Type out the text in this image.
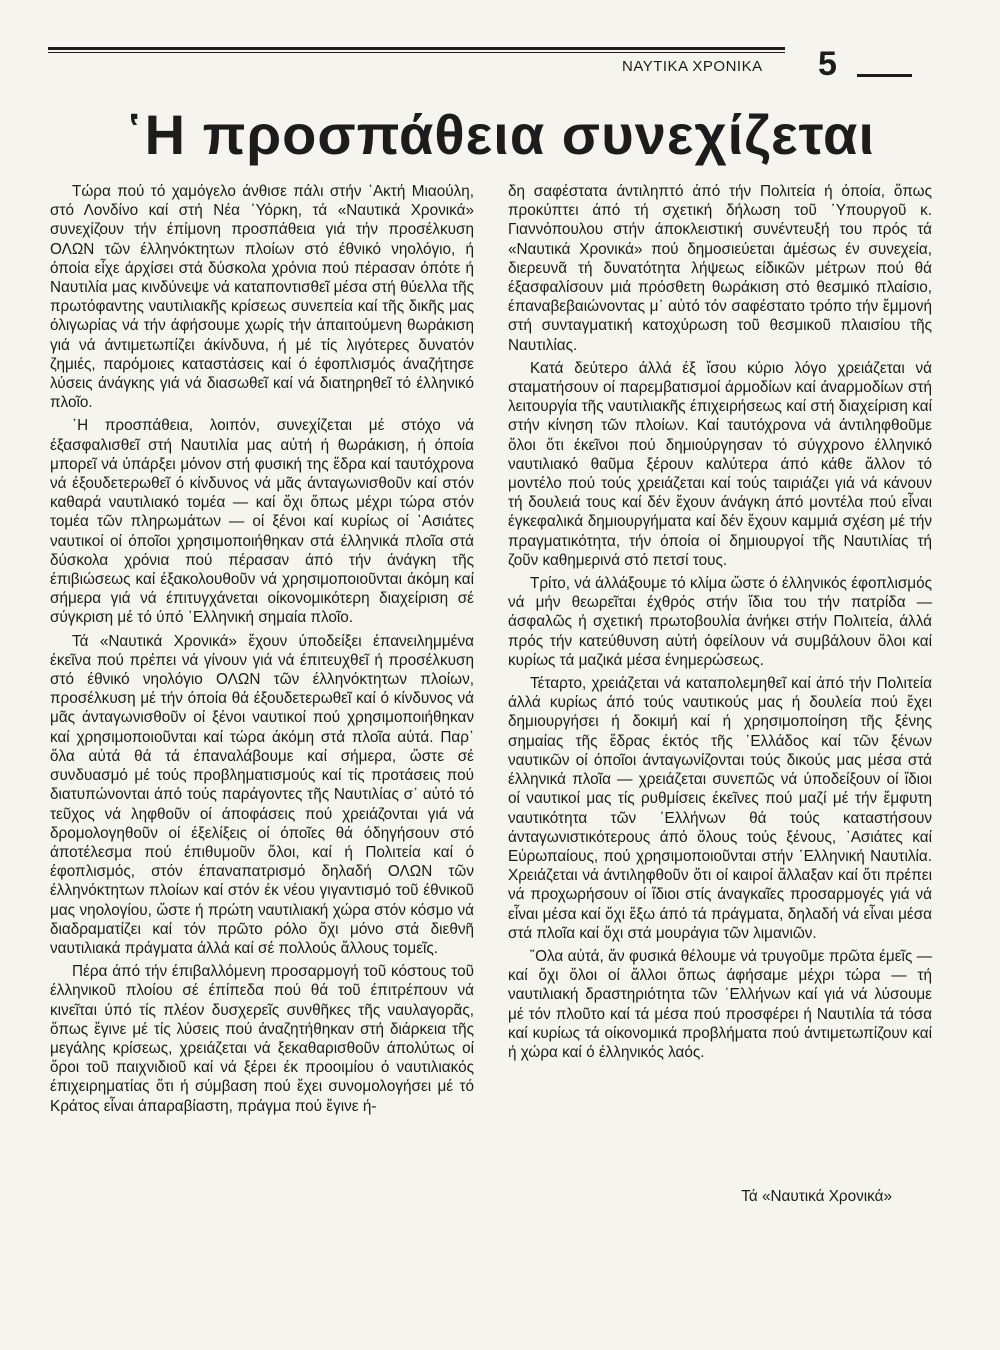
ΝΑΥΤΙΚΑ ΧΡΟΝΙΚΑ 5
῾Η προσπάθεια συνεχίζεται

Τώρα πού τό χαμόγελο άνθισε πάλι στήν ᾿Ακτή Μιαούλη, στό Λονδίνο καί στή Νέα ῾Υόρκη, τά «Ναυτικά Χρονικά» συνεχίζουν τήν έπίμονη προσπάθεια γιά τήν προσέλκυση ΟΛΩΝ τῶν έλληνόκτητων πλοίων στό έθνικό νηολόγιο, ή όποία εἶχε άρχίσει στά δύσκολα χρόνια πού πέρασαν όπότε ή Ναυτιλία μας κινδύνεψε νά καταποντισθεῖ μέσα στή θύελλα τῆς πρωτόφαντης ναυτιλιακῆς κρίσεως συνεπεία καί τῆς δικῆς μας όλιγωρίας νά τήν άφήσουμε χωρίς τήν άπαιτούμενη θωράκιση γιά νά άντιμετωπίζει άκίνδυνα, ή μέ τίς λιγότερες δυνατόν ζημιές, παρόμοιες καταστάσεις καί ό έφοπλισμός άναζήτησε λύσεις άνάγκης γιά νά διασωθεῖ καί νά διατηρηθεῖ τό έλληνικό πλοῖο.

῾Η προσπάθεια, λοιπόν, συνεχίζεται μέ στόχο νά έξασφαλισθεῖ στή Ναυτιλία μας αὐτή ή θωράκιση, ή όποία μπορεῖ νά ύπάρξει μόνον στή φυσική της ἕδρα καί ταυτόχρονα νά έξουδετερωθεῖ ό κίνδυνος νά μᾶς άνταγωνισθοῦν καί στόν καθαρά ναυτιλιακό τομέα — καί ὄχι ὅπως μέχρι τώρα στόν τομέα τῶν πληρωμάτων — οί ξένοι καί κυρίως οί ᾿Ασιάτες ναυτικοί οί όποῖοι χρησιμοποιήθηκαν στά έλληνικά πλοῖα στά δύσκολα χρόνια πού πέρασαν άπό τήν άνάγκη τῆς έπιβιώσεως καί έξακολουθοῦν νά χρησιμοποιοῦνται άκόμη καί σήμερα γιά νά έπιτυγχάνεται οίκονομικότερη διαχείριση σέ σύγκριση μέ τό ύπό ῾Ελληνική σημαία πλοῖο.

Τά «Ναυτικά Χρονικά» ἔχουν ύποδείξει έπανειλημμένα έκεῖνα πού πρέπει νά γίνουν γιά νά έπιτευχθεῖ ή προσέλκυση στό έθνικό νηολόγιο ΟΛΩΝ τῶν έλληνόκτητων πλοίων, προσέλκυση μέ τήν όποία θά έξουδετερωθεῖ καί ό κίνδυνος νά μᾶς άνταγωνισθοῦν οί ξένοι ναυτικοί πού χρησιμοποιήθηκαν καί χρησιμοποιοῦνται καί τώρα άκόμη στά πλοῖα αὐτά. Παρ᾿ ὅλα αὐτά θά τά έπαναλάβουμε καί σήμερα, ὥστε σέ συνδυασμό μέ τούς προβληματισμούς καί τίς προτάσεις πού διατυπώνονται άπό τούς παράγοντες τῆς Ναυτιλίας σ᾿ αὐτό τό τεῦχος νά ληφθοῦν οί άποφάσεις πού χρειάζονται γιά νά δρομολογηθοῦν οί έξελίξεις οί όποῖες θά όδηγήσουν στό άποτέλεσμα πού έπιθυμοῦν ὅλοι, καί ή Πολιτεία καί ό έφοπλισμός, στόν έπαναπατρισμό δηλαδή ΟΛΩΝ τῶν έλληνόκτητων πλοίων καί στόν έκ νέου γιγαντισμό τοῦ έθνικοῦ μας νηολογίου, ὥστε ή πρώτη ναυτιλιακή χώρα στόν κόσμο νά διαδραματίζει καί τόν πρῶτο ρόλο ὄχι μόνο στά διεθνῆ ναυτιλιακά πράγματα άλλά καί σέ πολλούς ἄλλους τομεῖς.

Πέρα άπό τήν έπιβαλλόμενη προσαρμογή τοῦ κόστους τοῦ έλληνικοῦ πλοίου σέ έπίπεδα πού θά τοῦ έπιτρέπουν νά κινεῖται ύπό τίς πλέον δυσχερεῖς συνθῆκες τῆς ναυλαγορᾶς, ὅπως ἔγινε μέ τίς λύσεις πού άναζητήθηκαν στή διάρκεια τῆς μεγάλης κρίσεως, χρειάζεται νά ξεκαθαρισθοῦν άπολύτως οί ὅροι τοῦ παιχνιδιοῦ καί νά ξέρει έκ προοιμίου ό ναυτιλιακός έπιχειρηματίας ὅτι ή σύμβαση πού ἔχει συνομολογήσει μέ τό Κράτος εἶναι άπαραβίαστη, πράγμα πού ἔγινε ή-

δη σαφέστατα άντιληπτό άπό τήν Πολιτεία ή όποία, ὅπως προκύπτει άπό τή σχετική δήλωση τοῦ ῾Υπουργοῦ κ. Γιαννόπουλου στήν άποκλειστική συνέντευξή του πρός τά «Ναυτικά Χρονικά» πού δημοσιεύεται άμέσως έν συνεχεία, διερευνᾶ τή δυνατότητα λήψεως είδικῶν μέτρων πού θά έξασφαλίσουν μιά πρόσθετη θωράκιση στό θεσμικό πλαίσιο, έπαναβεβαιώνοντας μ᾿ αὐτό τόν σαφέστατο τρόπο τήν ἔμμονή στή συνταγματική κατοχύρωση τοῦ θεσμικοῦ πλαισίου τῆς Ναυτιλίας.

Κατά δεύτερο άλλά έξ ἴσου κύριο λόγο χρειάζεται νά σταματήσουν οί παρεμβατισμοί άρμοδίων καί άναρμοδίων στή λειτουργία τῆς ναυτιλιακῆς έπιχειρήσεως καί στή διαχείριση καί στήν κίνηση τῶν πλοίων. Καί ταυτόχρονα νά άντιληφθοῦμε ὅλοι ὅτι έκεῖνοι πού δημιούργησαν τό σύγχρονο έλληνικό ναυτιλιακό θαῦμα ξέρουν καλύτερα άπό κάθε ἄλλον τό μοντέλο πού τούς χρειάζεται καί τούς ταιριάζει γιά νά κάνουν τή δουλειά τους καί δέν ἔχουν άνάγκη άπό μοντέλα πού εἶναι έγκεφαλικά δημιουργήματα καί δέν ἔχουν καμμιά σχέση μέ τήν πραγματικότητα, τήν όποία οί δημιουργοί τῆς Ναυτιλίας τή ζοῦν καθημερινά στό πετσί τους.

Τρίτο, νά άλλάξουμε τό κλίμα ὥστε ό έλληνικός έφοπλισμός νά μήν θεωρεῖται έχθρός στήν ἴδια του τήν πατρίδα — άσφαλῶς ή σχετική πρωτοβουλία άνήκει στήν Πολιτεία, άλλά πρός τήν κατεύθυνση αὐτή όφείλουν νά συμβάλουν ὅλοι καί κυρίως τά μαζικά μέσα ένημερώσεως.

Τέταρτο, χρειάζεται νά καταπολεμηθεῖ καί άπό τήν Πολιτεία άλλά κυρίως άπό τούς ναυτικούς μας ή δουλεία πού ἔχει δημιουργήσει ή δοκιμή καί ή χρησιμοποίηση τῆς ξένης σημαίας τῆς ἕδρας έκτός τῆς ῾Ελλάδος καί τῶν ξένων ναυτικῶν οί όποῖοι άνταγωνίζονται τούς δικούς μας μέσα στά έλληνικά πλοῖα — χρειάζεται συνεπῶς νά ύποδείξουν οί ἴδιοι οί ναυτικοί μας τίς ρυθμίσεις έκεῖνες πού μαζί μέ τήν ἔμφυτη ναυτικότητα τῶν ῾Ελλήνων θά τούς καταστήσουν άνταγωνιστικότερους άπό ὅλους τούς ξένους, ᾿Ασιάτες καί Εὐρωπαίους, πού χρησιμοποιοῦνται στήν ῾Ελληνική Ναυτιλία. Χρειάζεται νά άντιληφθοῦν ὅτι οί καιροί ἄλλαξαν καί ὅτι πρέπει νά προχωρήσουν οί ἴδιοι στίς άναγκαῖες προσαρμογές γιά νά εἶναι μέσα καί ὄχι ἔξω άπό τά πράγματα, δηλαδή νά εἶναι μέσα στά πλοῖα καί ὄχι στά μουράγια τῶν λιμανιῶν.

῞Ολα αὐτά, ἄν φυσικά θέλουμε νά τρυγοῦμε πρῶτα έμεῖς — καί ὄχι ὅλοι οί ἄλλοι ὅπως άφήσαμε μέχρι τώρα — τή ναυτιλιακή δραστηριότητα τῶν ῾Ελλήνων καί γιά νά λύσουμε μέ τόν πλοῦτο καί τά μέσα πού προσφέρει ή Ναυτιλία τά τόσα καί κυρίως τά οίκονομικά προβλήματα πού άντιμετωπίζουν καί ή χώρα καί ό έλληνικός λαός.

Τά «Ναυτικά Χρονικά»
